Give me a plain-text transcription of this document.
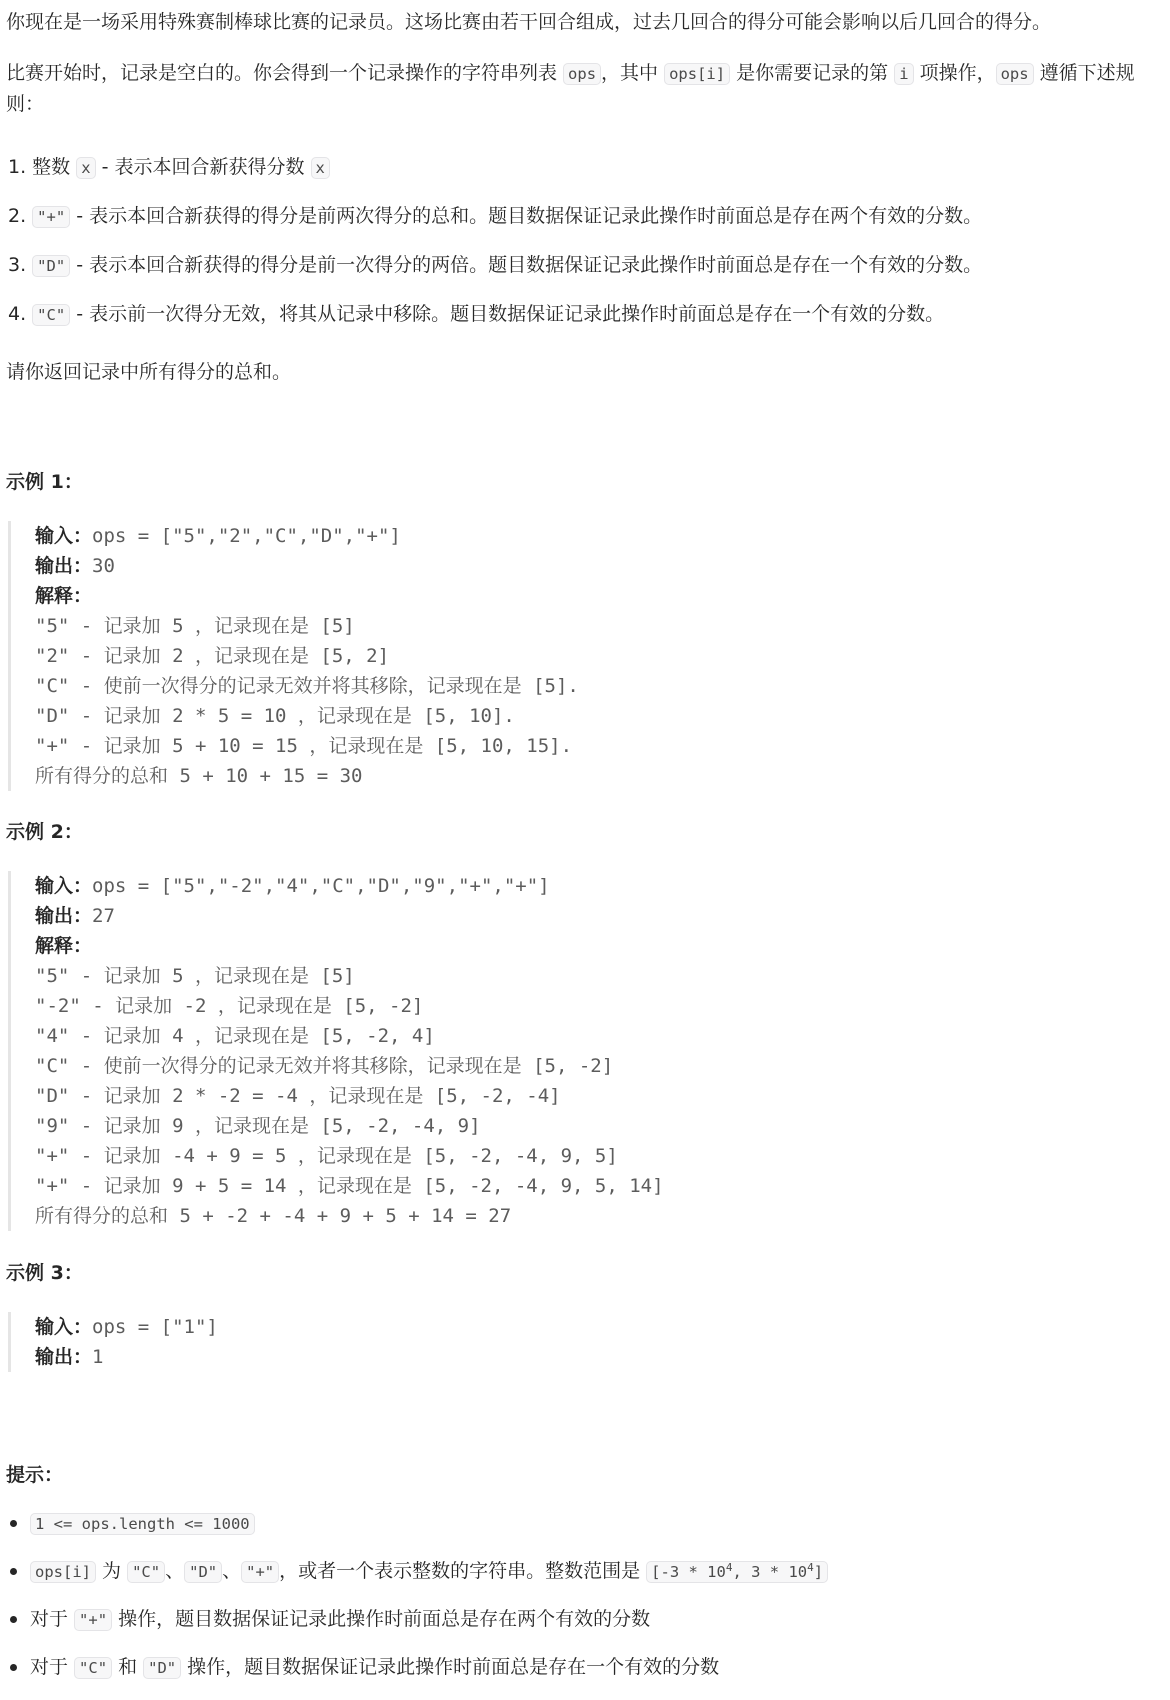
你现在是一场采用特殊赛制棒球比赛的记录员。这场比赛由若干回合组成，过去几回合的得分可能会影响以后几回合的得分。

比赛开始时，记录是空白的。你会得到一个记录操作的字符串列表 ops ，其中 ops[i] 是你需要记录的第 i 项操作， ops 遵循下述规则：

1. 整数 x - 表示本回合新获得分数 x
2. "+" - 表示本回合新获得的得分是前两次得分的总和。题目数据保证记录此操作时前面总是存在两个有效的分数。
3. "D" - 表示本回合新获得的得分是前一次得分的两倍。题目数据保证记录此操作时前面总是存在一个有效的分数。
4. "C" - 表示前一次得分无效，将其从记录中移除。题目数据保证记录此操作时前面总是存在一个有效的分数。

请你返回记录中所有得分的总和。

示例 1：

输入：ops = ["5","2","C","D","+"]
输出：30
解释：
"5" - 记录加 5 ，记录现在是 [5]
"2" - 记录加 2 ，记录现在是 [5, 2]
"C" - 使前一次得分的记录无效并将其移除，记录现在是 [5].
"D" - 记录加 2 * 5 = 10 ，记录现在是 [5, 10].
"+" - 记录加 5 + 10 = 15 ，记录现在是 [5, 10, 15].
所有得分的总和 5 + 10 + 15 = 30

示例 2：

输入：ops = ["5","-2","4","C","D","9","+","+"]
输出：27
解释：
"5" - 记录加 5 ，记录现在是 [5]
"-2" - 记录加 -2 ，记录现在是 [5, -2]
"4" - 记录加 4 ，记录现在是 [5, -2, 4]
"C" - 使前一次得分的记录无效并将其移除，记录现在是 [5, -2]
"D" - 记录加 2 * -2 = -4 ，记录现在是 [5, -2, -4]
"9" - 记录加 9 ，记录现在是 [5, -2, -4, 9]
"+" - 记录加 -4 + 9 = 5 ，记录现在是 [5, -2, -4, 9, 5]
"+" - 记录加 9 + 5 = 14 ，记录现在是 [5, -2, -4, 9, 5, 14]
所有得分的总和 5 + -2 + -4 + 9 + 5 + 14 = 27

示例 3：

输入：ops = ["1"]
输出：1

提示：

1 <= ops.length <= 1000
ops[i] 为 "C" 、 "D" 、 "+" ，或者一个表示整数的字符串。整数范围是 [$-3 * 10^4$, $3 * 10^4$]
对于 "+" 操作，题目数据保证记录此操作时前面总是存在两个有效的分数
对于 "C" 和 "D" 操作，题目数据保证记录此操作时前面总是存在一个有效的分数
